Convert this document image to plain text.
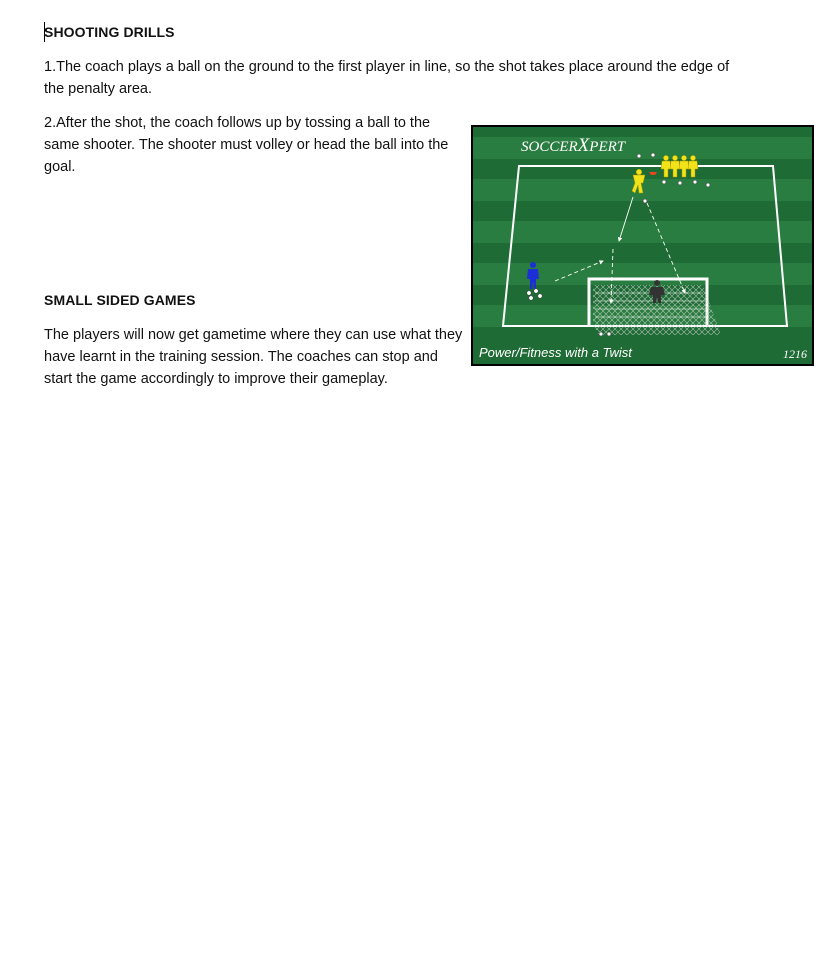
SHOOTING DRILLS

1.The coach plays a ball on the ground to the first player in line, so the shot takes place around the edge of the penalty area.

2.After the shot, the coach follows up by tossing a ball to the same shooter. The shooter must volley or head the ball into the goal.

SMALL SIDED GAMES

The players will now get gametime where they can use what they have learnt in the training session. The coaches can stop and start the game accordingly to improve their gameplay.

SOCCERXPERT
Power/Fitness with a Twist	1216
